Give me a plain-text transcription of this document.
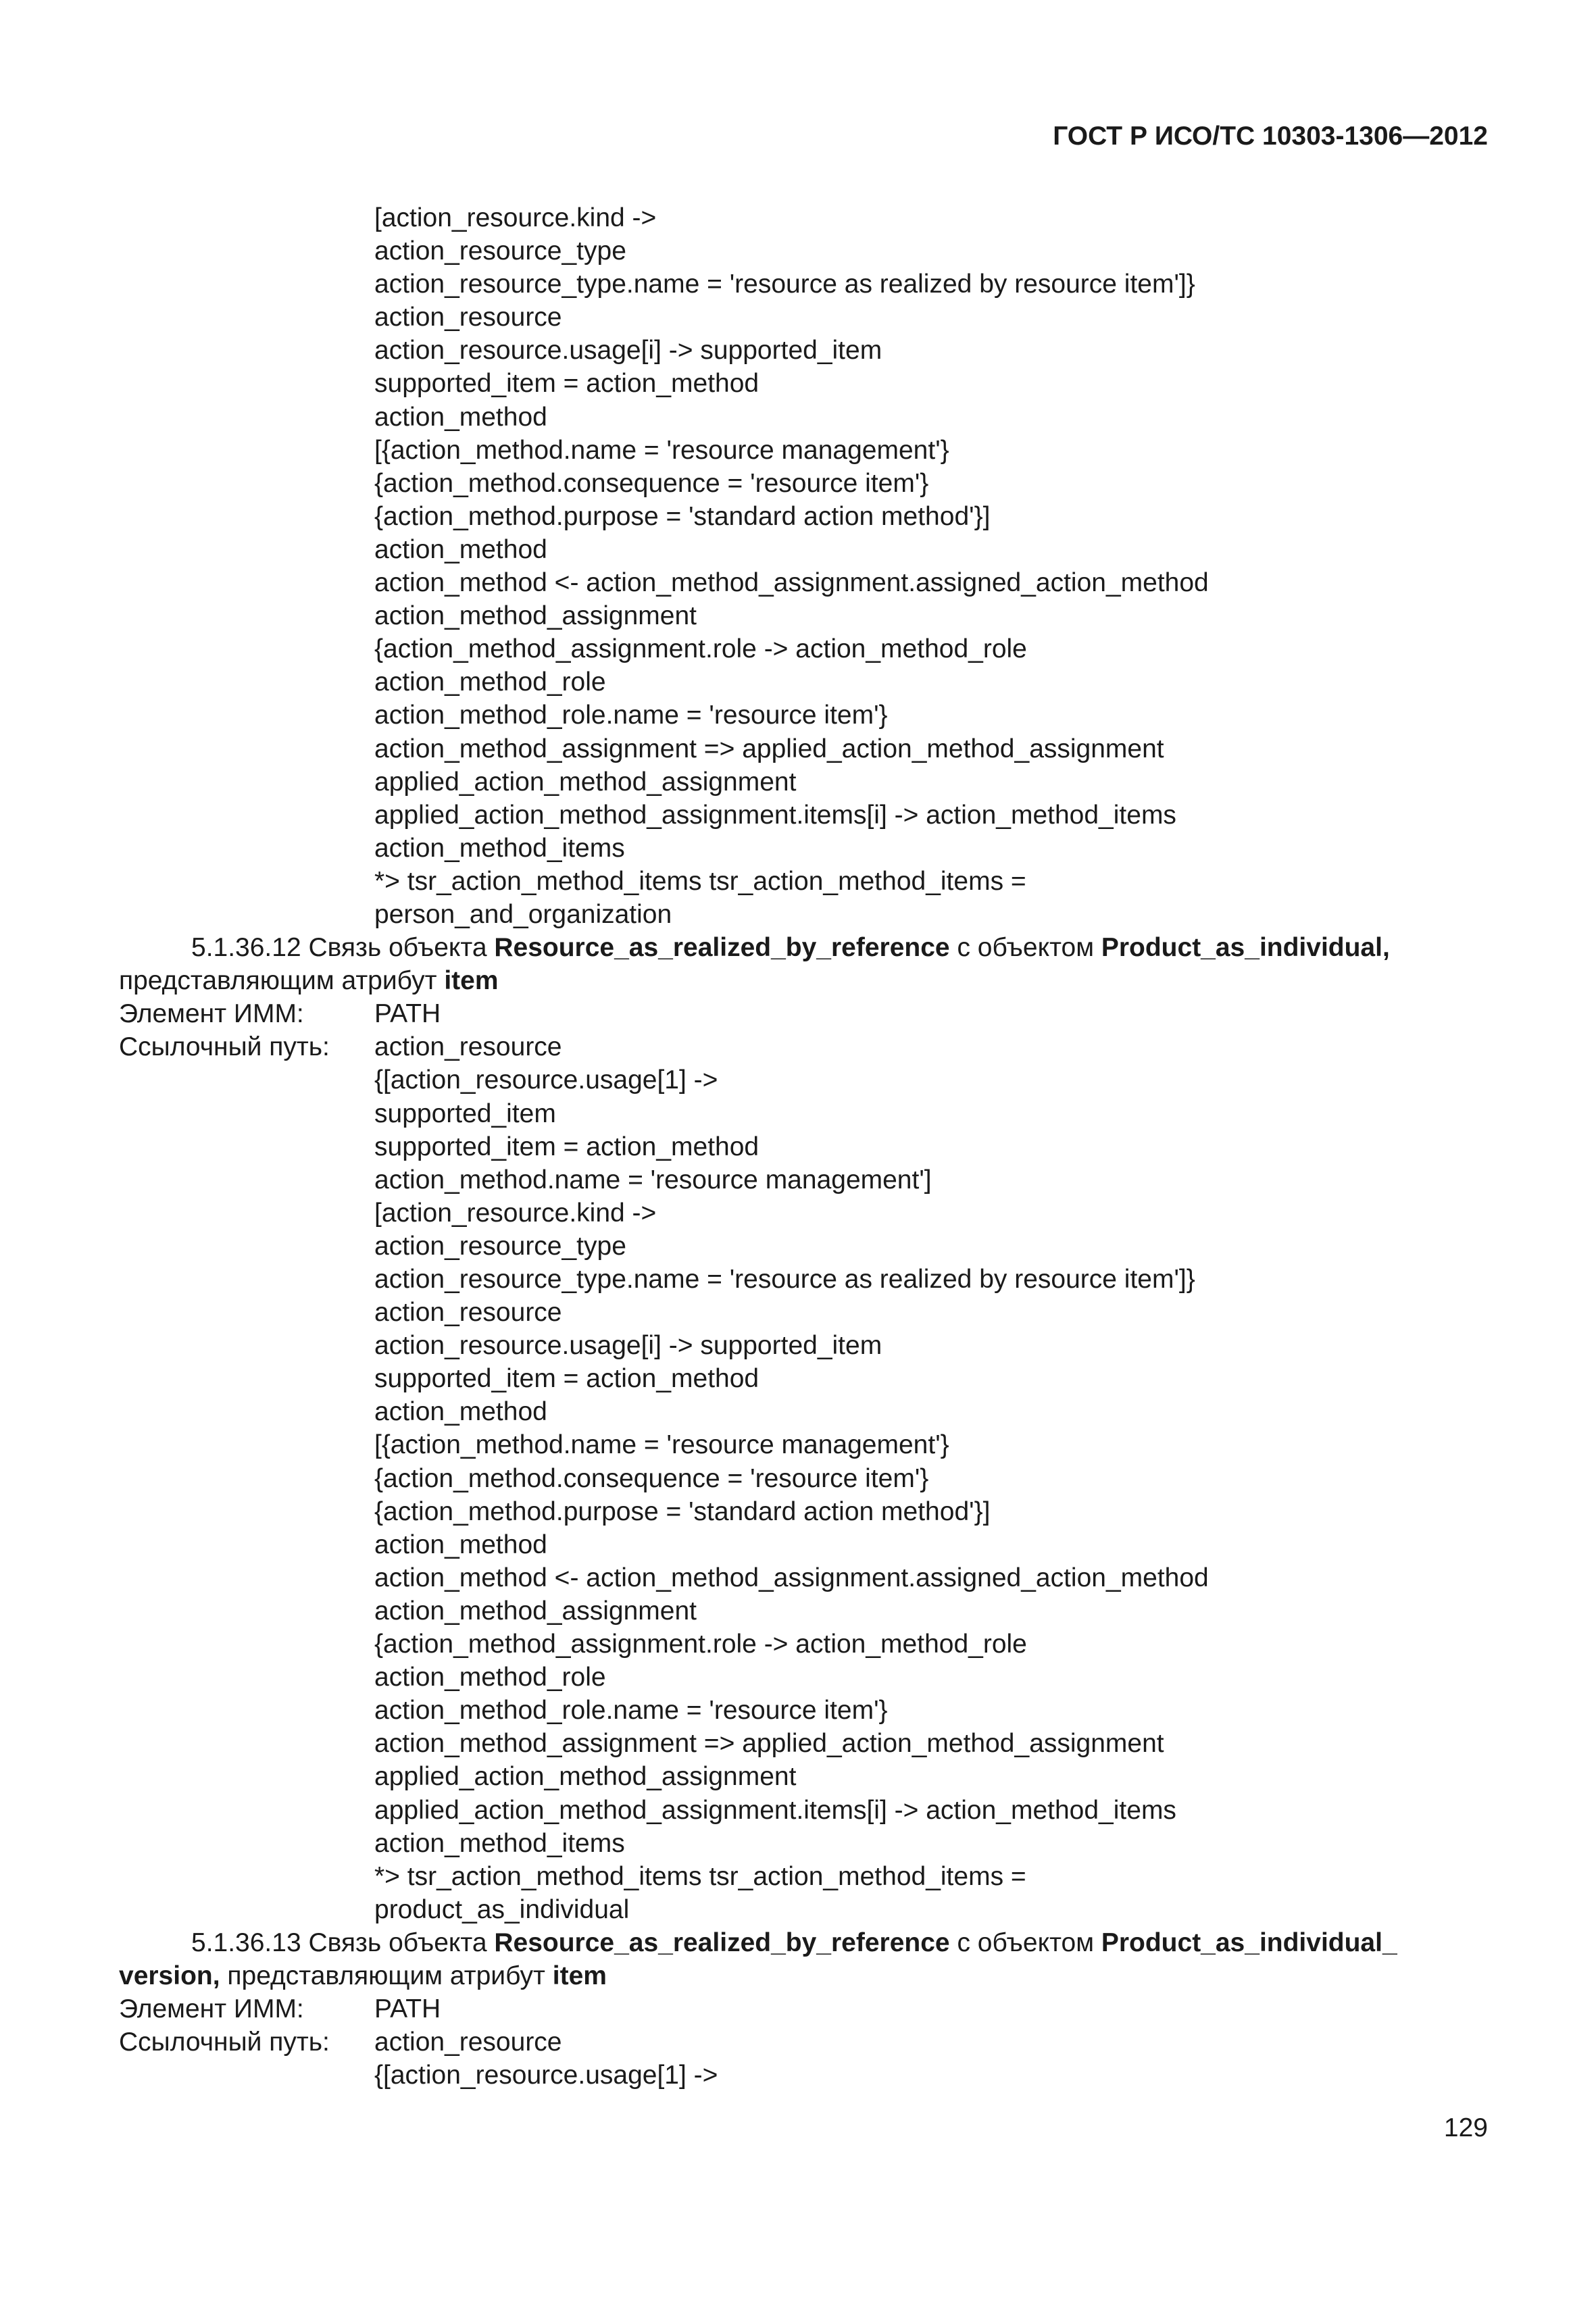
ГОСТ Р ИСО/ТС 10303-1306—2012
[action_resource.kind ->
action_resource_type
action_resource_type.name = 'resource as realized by resource item']}
action_resource
action_resource.usage[i] -> supported_item
supported_item = action_method
action_method
[{action_method.name = 'resource management'}
{action_method.consequence = 'resource item'}
{action_method.purpose = 'standard action method'}]
action_method
action_method <- action_method_assignment.assigned_action_method
action_method_assignment
{action_method_assignment.role -> action_method_role
action_method_role
action_method_role.name = 'resource item'}
action_method_assignment => applied_action_method_assignment
applied_action_method_assignment
applied_action_method_assignment.items[i] -> action_method_items
action_method_items
*> tsr_action_method_items tsr_action_method_items =
person_and_organization
5.1.36.12 Связь объекта Resource_as_realized_by_reference с объектом Product_as_individual,
представляющим атрибут item
Элемент ИММ:	PATH
Ссылочный путь:	action_resource
{[action_resource.usage[1] ->
supported_item
supported_item = action_method
action_method.name = 'resource management']
[action_resource.kind ->
action_resource_type
action_resource_type.name = 'resource as realized by resource item']}
action_resource
action_resource.usage[i] -> supported_item
supported_item = action_method
action_method
[{action_method.name = 'resource management'}
{action_method.consequence = 'resource item'}
{action_method.purpose = 'standard action method'}]
action_method
action_method <- action_method_assignment.assigned_action_method
action_method_assignment
{action_method_assignment.role -> action_method_role
action_method_role
action_method_role.name = 'resource item'}
action_method_assignment => applied_action_method_assignment
applied_action_method_assignment
applied_action_method_assignment.items[i] -> action_method_items
action_method_items
*> tsr_action_method_items tsr_action_method_items =
product_as_individual
5.1.36.13 Связь объекта Resource_as_realized_by_reference с объектом Product_as_individual_
version, представляющим атрибут item
Элемент ИММ:	PATH
Ссылочный путь:	action_resource
{[action_resource.usage[1] ->
129
